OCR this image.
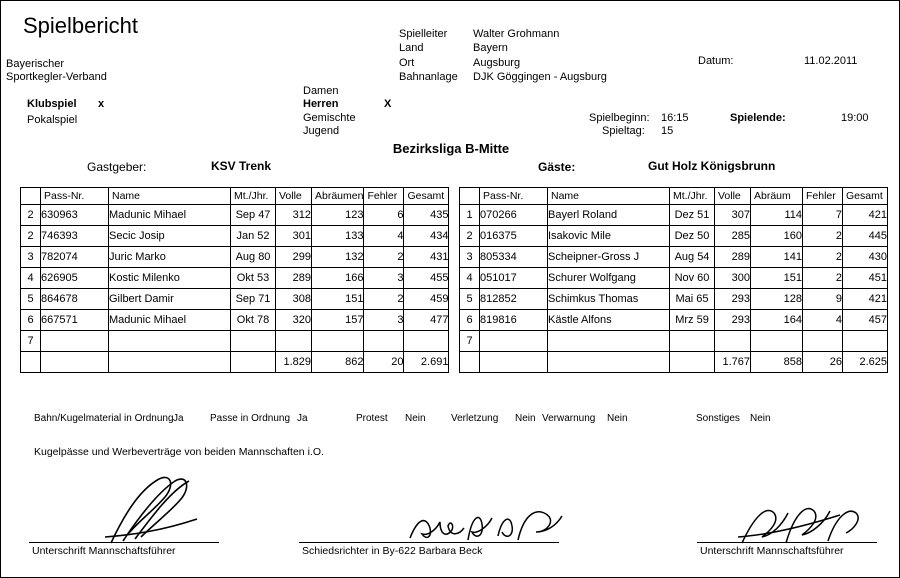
Spielbericht
Bayerischer
Sportkegler-Verband
Klubspiel x
Pokalspiel
Damen
Herren	X
Gemischte
Jugend
Spielleiter Walter Grohmann
Land	Bayern
Ort	Augsburg
Bahnanlage DJK Göggingen - Augsburg
Datum:	11.02.2011
Spielbeginn: 16:15
Spieltag: 15
Spielende:	19:00
Bezirksliga B-Mitte
Gastgeber:	KSV Trenk	Gäste:	Gut Holz Königsbrunn
	Pass-Nr.	Name	Mt./Jhr.	Volle	Abräumen	Fehler	Gesamt
2	630963	Madunic Mihael	Sep 47	312	123	6	435
2	746393	Secic Josip	Jan 52	301	133	4	434
3	782074	Juric Marko	Aug 80	299	132	2	431
4	626905	Kostic Milenko	Okt 53	289	166	3	455
5	864678	Gilbert Damir	Sep 71	308	151	2	459
6	667571	Madunic Mihael	Okt 78	320	157	3	477
7							
				1.829	862	20	2.691
	Pass-Nr.	Name	Mt./Jhr.	Volle	Abräum	Fehler	Gesamt
1	070266	Bayerl Roland	Dez 51	307	114	7	421
2	016375	Isakovic Mile	Dez 50	285	160	2	445
3	805334	Scheipner-Gross J	Aug 54	289	141	2	430
4	051017	Schurer Wolfgang	Nov 60	300	151	2	451
5	812852	Schimkus Thomas	Mai 65	293	128	9	421
6	819816	Kästle Alfons	Mrz 59	293	164	4	457
7							
				1.767	858	26	2.625
Bahn/Kugelmaterial in Ordnung Ja	Passe in Ordnung Ja	Protest Nein	Verletzung Nein Verwarnung Nein	Sonstiges Nein
Kugelpässe und Werbeverträge von beiden Mannschaften i.O.
Unterschrift Mannschaftsführer	Schiedsrichter in By-622 Barbara Beck	Unterschrift Mannschaftsführer
